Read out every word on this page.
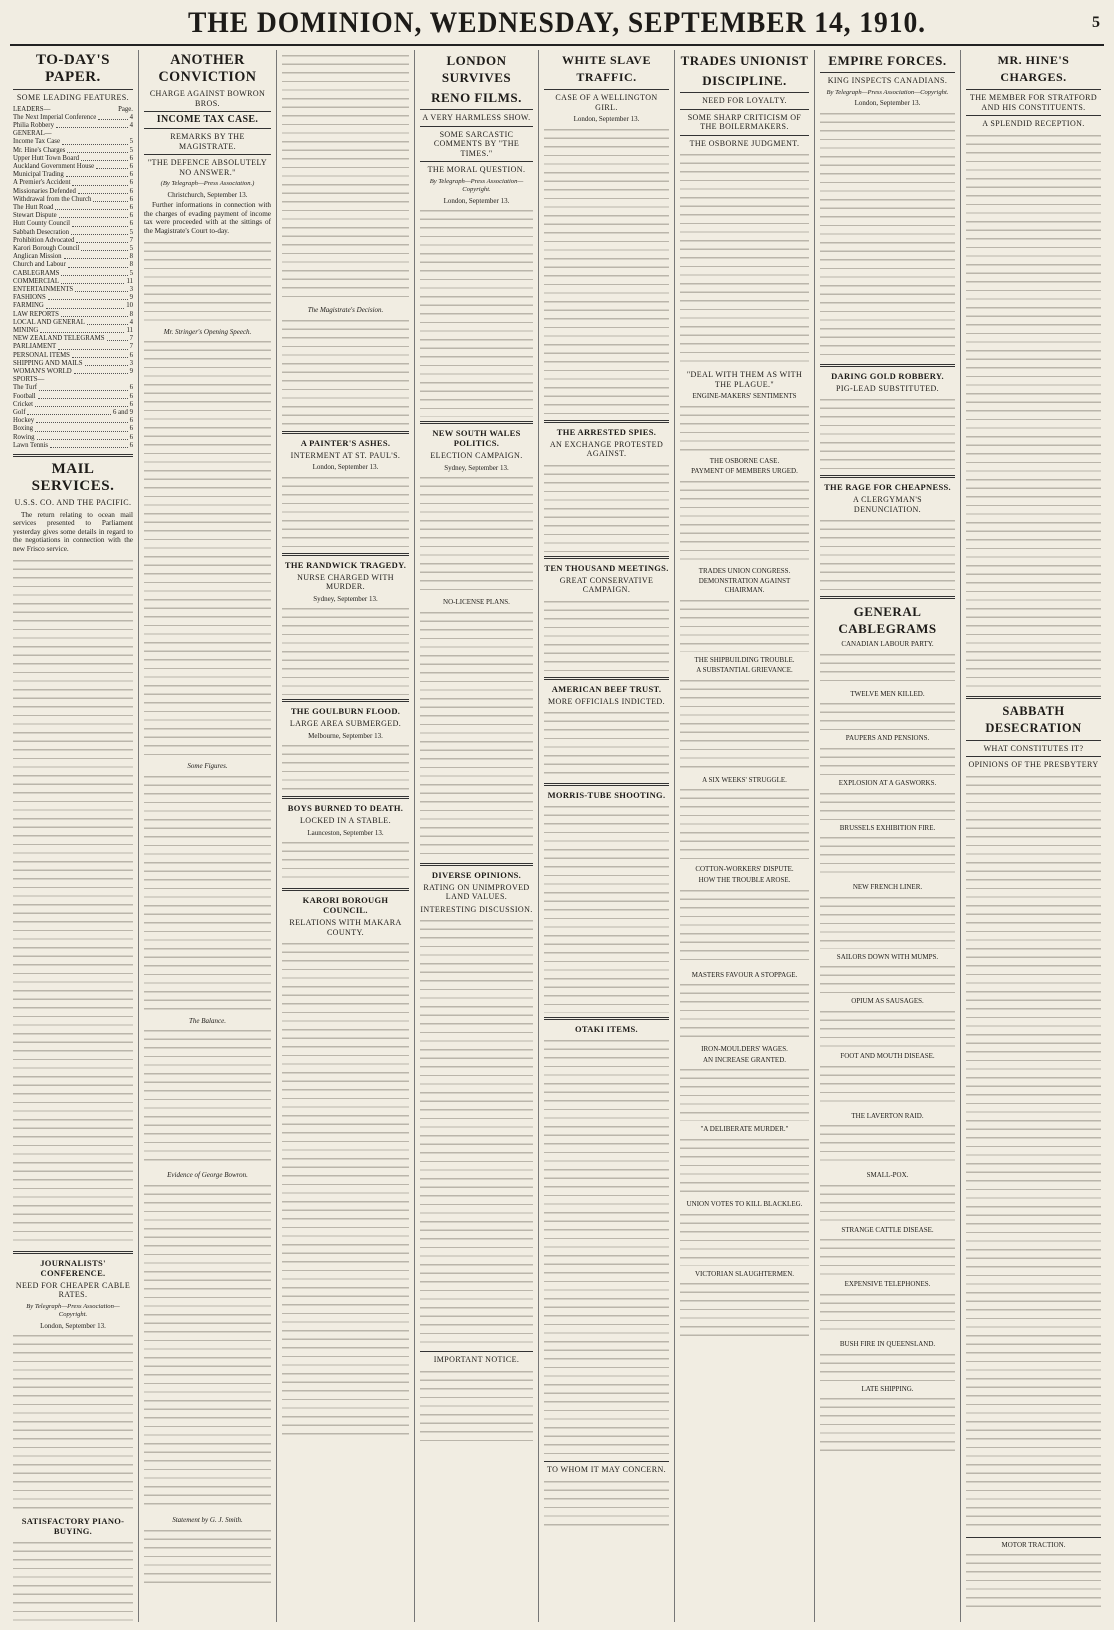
THE DOMINION, WEDNESDAY, SEPTEMBER 14, 1910.	5
TO-DAY'S PAPER.
SOME LEADING FEATURES.
LEADERS—	Page.
The Next Imperial Conference	4
Philia Robbery	4
GENERAL—
Income Tax Case	5
Mr. Hine's Charges	5
Upper Hutt Town Board	6
Auckland Government House	6
Municipal Trading	6
A Premier's Accident	6
Missionaries Defended	6
Withdrawal from the Church	6
The Hutt Road	6
Stewart Dispute	6
Hutt County Council	6
Sabbath Desecration	5
Prohibition Advocated	7
Karori Borough Council	5
Anglican Mission	8
Church and Labour	8
CABLEGRAMS	5
COMMERCIAL	11
ENTERTAINMENTS	3
FASHIONS	9
FARMING	10
LAW REPORTS	8
LOCAL AND GENERAL	4
MINING	11
NEW ZEALAND TELEGRAMS	7
PARLIAMENT	7
PERSONAL ITEMS	6
SHIPPING AND MAILS	3
WOMAN'S WORLD	9
SPORTS—
The Turf	6
Football	6
Cricket	6
Golf	6 and 9
Hockey	6
Boxing	6
Rowing	6
Lawn Tennis	6
MAIL SERVICES.
U.S.S. CO. AND THE PACIFIC.

The return relating to ocean mail services presented to Parliament yesterday gives some details in regard to the negotiations in connection with the new Frisco service.

JOURNALISTS' CONFERENCE.
NEED FOR CHEAPER CABLE RATES.
By Telegraph—Press Association—Copyright.
London, September 13.
SATISFACTORY PIANO-BUYING.
ANOTHER CONVICTION
CHARGE AGAINST BOWRON BROS.
INCOME TAX CASE.
REMARKS BY THE MAGISTRATE.
"THE DEFENCE ABSOLUTELY NO ANSWER."
(By Telegraph—Press Association.)
Christchurch, September 13.

Further informations in connection with the charges of evading payment of income tax were proceeded with at the sittings of the Magistrate's Court to-day.

Mr. Stringer's Opening Speech.
Some Figures.
The Balance.
Evidence of George Bowron.
Statement by G. J. Smith.
The Magistrate's Decision.
A PAINTER'S ASHES.
INTERMENT AT ST. PAUL'S.
London, September 13.
THE RANDWICK TRAGEDY.
NURSE CHARGED WITH MURDER.
Sydney, September 13.
THE GOULBURN FLOOD.
LARGE AREA SUBMERGED.
Melbourne, September 13.
BOYS BURNED TO DEATH.
LOCKED IN A STABLE.
Launceston, September 13.
KARORI BOROUGH COUNCIL.
RELATIONS WITH MAKARA COUNTY.
LONDON SURVIVES
RENO FILMS.
A VERY HARMLESS SHOW.
SOME SARCASTIC COMMENTS BY "THE TIMES."
THE MORAL QUESTION.
By Telegraph—Press Association—Copyright.
London, September 13.
NEW SOUTH WALES POLITICS.
ELECTION CAMPAIGN.
Sydney, September 13.
NO-LICENSE PLANS.
DIVERSE OPINIONS.
RATING ON UNIMPROVED LAND VALUES.
INTERESTING DISCUSSION.
IMPORTANT NOTICE.
WHITE SLAVE TRAFFIC.
CASE OF A WELLINGTON GIRL.
London, September 13.
THE ARRESTED SPIES.
AN EXCHANGE PROTESTED AGAINST.
TEN THOUSAND MEETINGS.
GREAT CONSERVATIVE CAMPAIGN.
AMERICAN BEEF TRUST.
MORE OFFICIALS INDICTED.
MORRIS-TUBE SHOOTING.
OTAKI ITEMS.
TO WHOM IT MAY CONCERN.
TRADES UNIONIST
DISCIPLINE.
NEED FOR LOYALTY.
SOME SHARP CRITICISM OF THE BOILERMAKERS.
THE OSBORNE JUDGMENT.
"DEAL WITH THEM AS WITH THE PLAGUE."
ENGINE-MAKERS' SENTIMENTS
THE OSBORNE CASE.
PAYMENT OF MEMBERS URGED.
TRADES UNION CONGRESS.
DEMONSTRATION AGAINST CHAIRMAN.
THE SHIPBUILDING TROUBLE.
A SUBSTANTIAL GRIEVANCE.
A SIX WEEKS' STRUGGLE.
COTTON-WORKERS' DISPUTE.
HOW THE TROUBLE AROSE.
MASTERS FAVOUR A STOPPAGE.
IRON-MOULDERS' WAGES.
AN INCREASE GRANTED.
"A DELIBERATE MURDER."
UNION VOTES TO KILL BLACKLEG.
VICTORIAN SLAUGHTERMEN.
EMPIRE FORCES.
KING INSPECTS CANADIANS.
By Telegraph—Press Association—Copyright.
London, September 13.
DARING GOLD ROBBERY.
PIG-LEAD SUBSTITUTED.
THE RAGE FOR CHEAPNESS.
A CLERGYMAN'S DENUNCIATION.
GENERAL CABLEGRAMS
CANADIAN LABOUR PARTY.
TWELVE MEN KILLED.
PAUPERS AND PENSIONS.
EXPLOSION AT A GASWORKS.
BRUSSELS EXHIBITION FIRE.
NEW FRENCH LINER.
SAILORS DOWN WITH MUMPS.
OPIUM AS SAUSAGES.
FOOT AND MOUTH DISEASE.
THE LAVERTON RAID.
SMALL-POX.
STRANGE CATTLE DISEASE.
EXPENSIVE TELEPHONES.
BUSH FIRE IN QUEENSLAND.
LATE SHIPPING.
MR. HINE'S CHARGES.
THE MEMBER FOR STRATFORD AND HIS CONSTITUENTS.
A SPLENDID RECEPTION.
SABBATH DESECRATION
WHAT CONSTITUTES IT?
OPINIONS OF THE PRESBYTERY
MOTOR TRACTION.
